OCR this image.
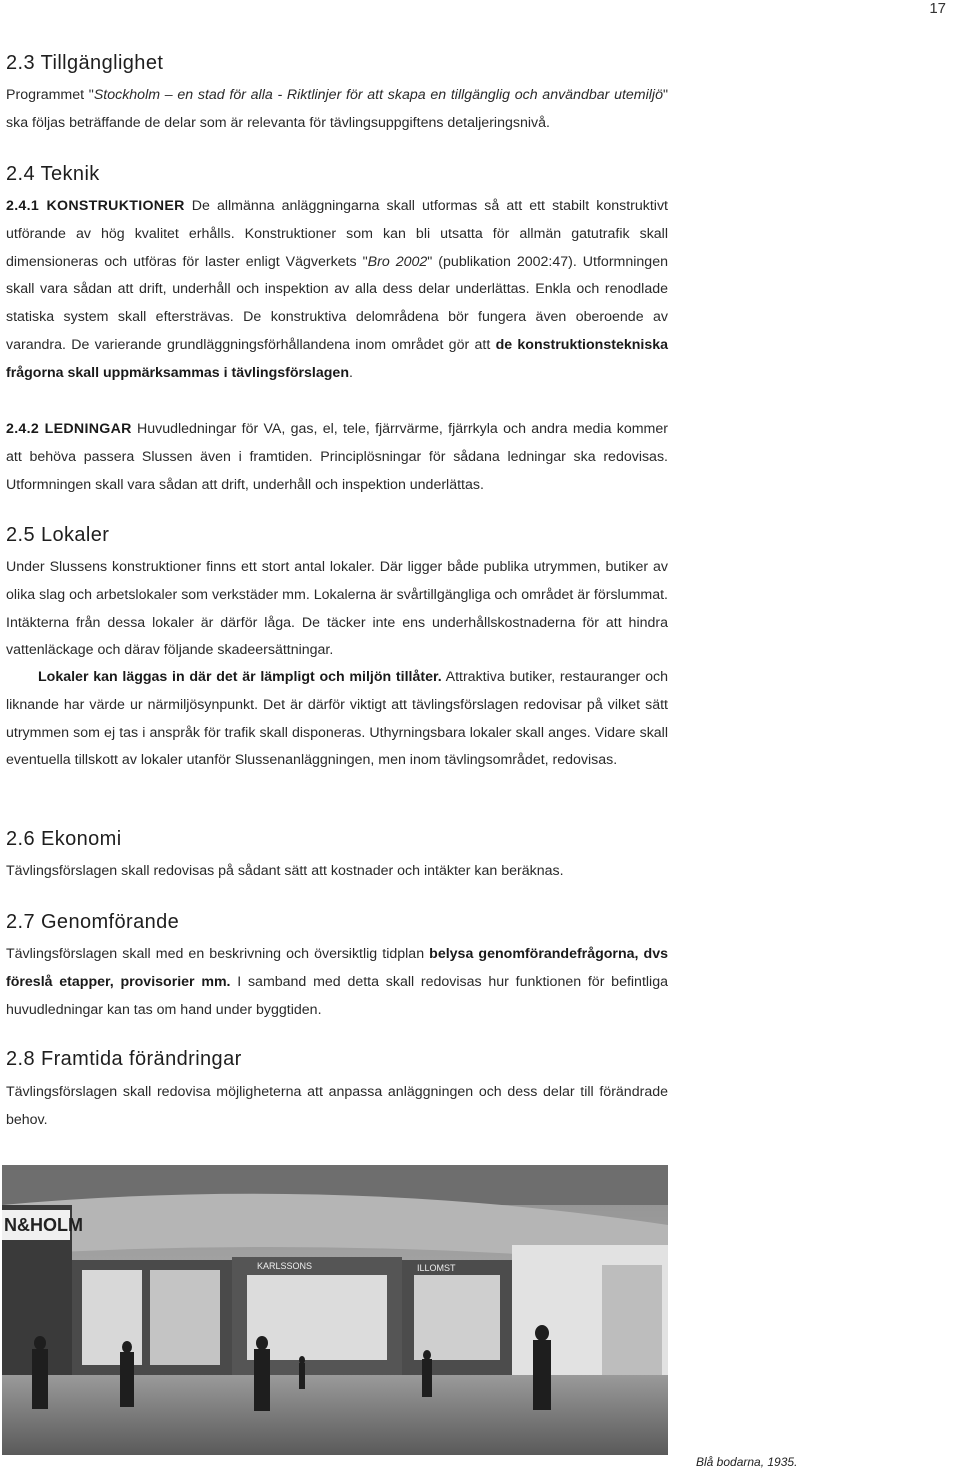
17
2.3 Tillgänglighet

Programmet "Stockholm – en stad för alla - Riktlinjer för att skapa en tillgänglig och användbar utemiljö" ska följas beträffande de delar som är relevanta för tävlingsuppgiftens detaljeringsnivå.

2.4 Teknik

2.4.1 KONSTRUKTIONER De allmänna anläggningarna skall utformas så att ett stabilt konstruktivt utförande av hög kvalitet erhålls. Konstruktioner som kan bli utsatta för allmän gatutrafik skall dimensioneras och utföras för laster enligt Vägverkets "Bro 2002" (publikation 2002:47). Utformningen skall vara sådan att drift, underhåll och inspektion av alla dess delar underlättas. Enkla och renodlade statiska system skall eftersträvas. De konstruktiva delområdena bör fungera även oberoende av varandra. De varierande grundläggningsförhållandena inom området gör att de konstruktionstekniska frågorna skall uppmärksammas i tävlingsförslagen.

2.4.2 LEDNINGAR Huvudledningar för VA, gas, el, tele, fjärrvärme, fjärrkyla och andra media kommer att behöva passera Slussen även i framtiden. Principlösningar för sådana ledningar ska redovisas. Utformningen skall vara sådan att drift, underhåll och inspektion underlättas.

2.5 Lokaler

Under Slussens konstruktioner finns ett stort antal lokaler. Där ligger både publika utrymmen, butiker av olika slag och arbetslokaler som verkstäder mm. Lokalerna är svårtillgängliga och området är förslummat. Intäkterna från dessa lokaler är därför låga. De täcker inte ens underhållskostnaderna för att hindra vattenläckage och därav följande skadeersättningar.

Lokaler kan läggas in där det är lämpligt och miljön tillåter. Attraktiva butiker, restauranger och liknande har värde ur närmiljösynpunkt. Det är därför viktigt att tävlingsförslagen redovisar på vilket sätt utrymmen som ej tas i anspråk för trafik skall disponeras. Uthyrningsbara lokaler skall anges. Vidare skall eventuella tillskott av lokaler utanför Slussenanläggningen, men inom tävlingsområdet, redovisas.

2.6 Ekonomi

Tävlingsförslagen skall redovisas på sådant sätt att kostnader och intäkter kan beräknas.

2.7 Genomförande

Tävlingsförslagen skall med en beskrivning och översiktlig tidplan belysa genomförandefrågorna, dvs föreslå etapper, provisorier mm. I samband med detta skall redovisas hur funktionen för befintliga huvudledningar kan tas om hand under byggtiden.

2.8 Framtida förändringar

Tävlingsförslagen skall redovisa möjligheterna att anpassa anläggningen och dess delar till förändrade behov.

N&HOLM
KARLSSONS	ILLOMST
Blå bodarna, 1935.
